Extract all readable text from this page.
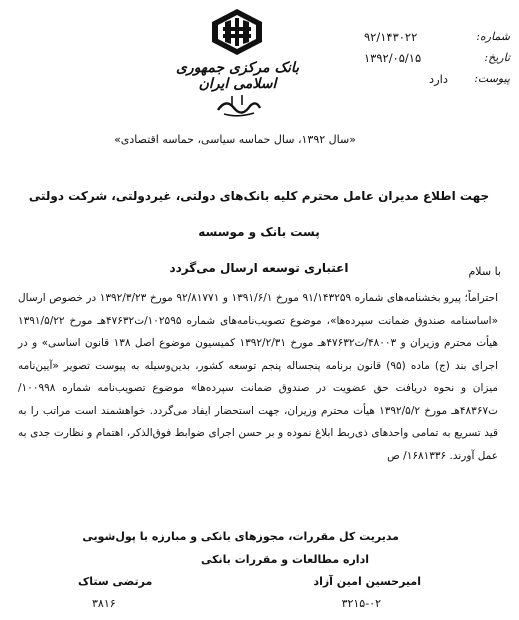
شماره:
۹۲/۱۴۳۰۲۲
تاریخ:
۱۳۹۲/۰۵/۱۵
پیوست:
دارد
بانک مرکزی جمهوری اسلامی ایران
«سال ۱۳۹۲، سال حماسه سیاسی، حماسه اقتصادی»
جهت اطلاع مدیران عامل محترم کلیه بانک‌های دولتی، غیردولتی، شرکت دولتی پست بانک و موسسه
اعتباری توسعه ارسال می‌گردد	با سلام
احتراماً؛ پیرو بخشنامه‌های شماره ۹۱/۱۴۳۲۵۹ مورخ ۱۳۹۱/۶/۱ و ۹۲/۸۱۷۷۱ مورخ ۱۳۹۲/۳/۲۳ در خصوص ارسال «اساسنامه صندوق ضمانت سپرده‌ها»، موضوع تصویب‌نامه‌های شماره ۱۰۲۵۹۵/ت۴۷۶۳۲هـ مورخ ۱۳۹۱/۵/۲۲ هیأت محترم وزیران و ۴۸۰۰۳/ت۴۷۶۳۲هـ مورخ ۱۳۹۲/۲/۳۱ کمیسیون موضوع اصل ۱۳۸ قانون اساسی» و در اجرای بند (ج) ماده (۹۵) قانون برنامه پنجساله پنجم توسعه کشور، بدین‌وسیله به پیوست تصویر «آیین‌نامه میزان و نحوه دریافت حق عضویت در صندوق ضمانت سپرده‌ها» موضوع تصویب‌نامه شماره ۱۰۰۹۹۸/ت۴۸۳۶۷هـ مورخ ۱۳۹۲/۵/۲ هیأت محترم وزیران، جهت استحضار ایفاد می‌گردد. خواهشمند است مراتب را به قید تسریع به تمامی واحدهای ذی‌ربط ابلاغ نموده و بر حسن اجرای ضوابط فوق‌الذکر، اهتمام و نظارت جدی به عمل آورند. ۱۶۸۱۳۳۶/ ص
مدیریت کل مقررات، مجوزهای بانکی و مبارزه با پول‌شویی
اداره مطالعات و مقررات بانکی
امیرحسین امین آزاد
مرتضی ستاک
۳۲۱۵-۰۲
۳۸۱۶
